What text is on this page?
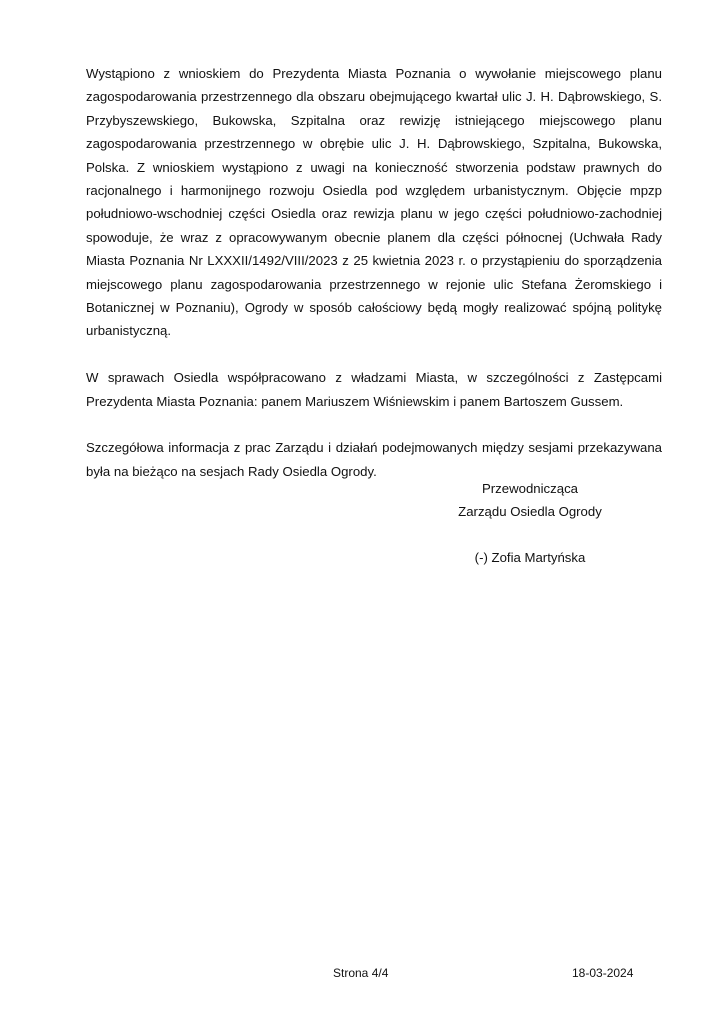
Wystąpiono z wnioskiem do Prezydenta Miasta Poznania o wywołanie miejscowego planu zagospodarowania przestrzennego dla obszaru obejmującego kwartał ulic J. H. Dąbrowskiego, S. Przybyszewskiego, Bukowska, Szpitalna oraz rewizję istniejącego miejscowego planu zagospodarowania przestrzennego w obrębie ulic J. H. Dąbrowskiego, Szpitalna, Bukowska, Polska. Z wnioskiem wystąpiono z uwagi na konieczność stworzenia podstaw prawnych do racjonalnego i harmonijnego rozwoju Osiedla pod względem urbanistycznym. Objęcie mpzp południowo-wschodniej części Osiedla oraz rewizja planu w jego części południowo-zachodniej spowoduje, że wraz z opracowywanym obecnie planem dla części północnej (Uchwała Rady Miasta Poznania Nr LXXXII/1492/VIII/2023 z 25 kwietnia 2023 r. o przystąpieniu do sporządzenia miejscowego planu zagospodarowania przestrzennego w rejonie ulic Stefana Żeromskiego i Botanicznej w Poznaniu), Ogrody w sposób całościowy będą mogły realizować spójną politykę urbanistyczną.

W sprawach Osiedla współpracowano z władzami Miasta, w szczególności z Zastępcami Prezydenta Miasta Poznania: panem Mariuszem Wiśniewskim i panem Bartoszem Gussem.

Szczegółowa informacja z prac Zarządu i działań podejmowanych między sesjami przekazywana była na bieżąco na sesjach Rady Osiedla Ogrody.

Przewodnicząca
Zarządu Osiedla Ogrody
(-) Zofia Martyńska
Strona 4/4	18-03-2024
